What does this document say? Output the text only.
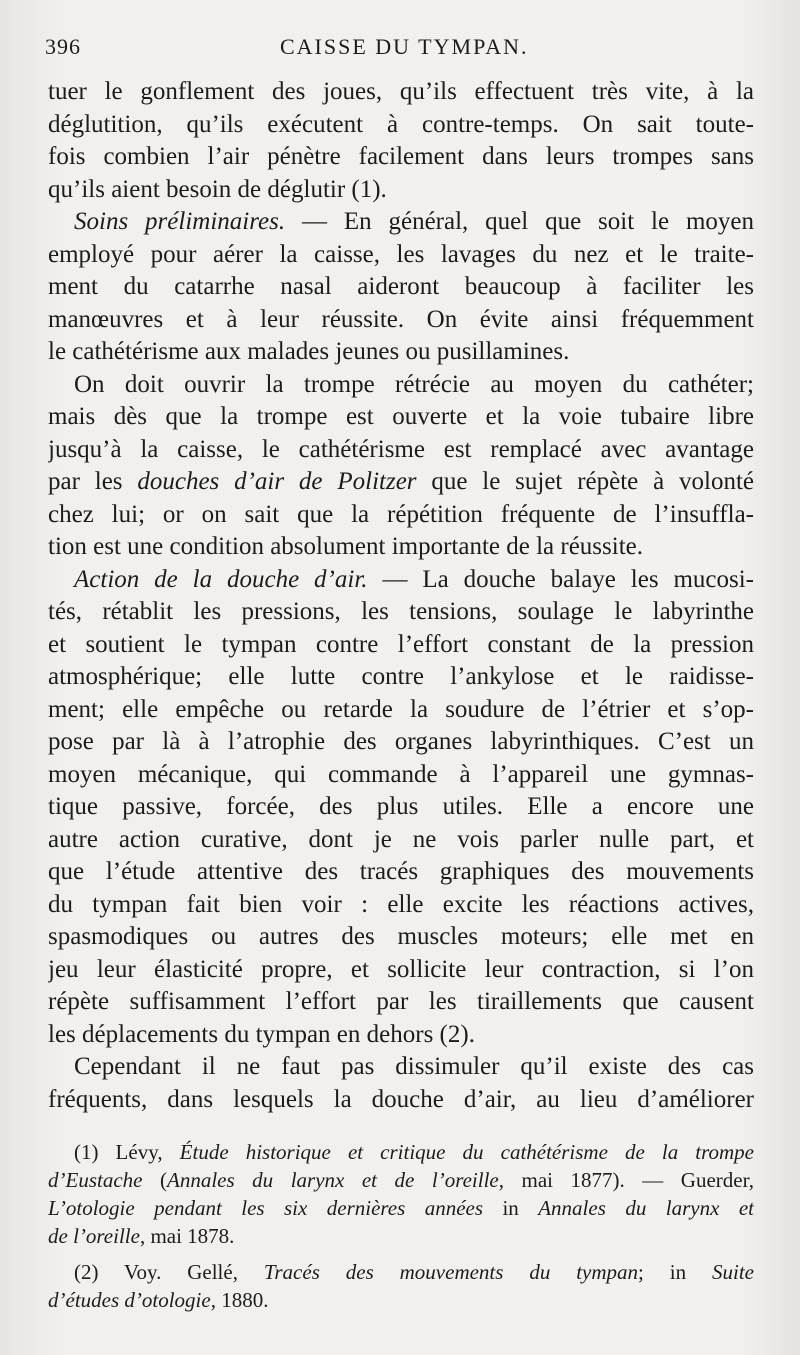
396	CAISSE DU TYMPAN.
tuer le gonflement des joues, qu’ils effectuent très vite, à la
déglutition, qu’ils exécutent à contre-temps. On sait toute-
fois combien l’air pénètre facilement dans leurs trompes sans
qu’ils aient besoin de déglutir (1).
Soins préliminaires. — En général, quel que soit le moyen
employé pour aérer la caisse, les lavages du nez et le traite-
ment du catarrhe nasal aideront beaucoup à faciliter les
manœuvres et à leur réussite. On évite ainsi fréquemment
le cathétérisme aux malades jeunes ou pusillamines.
On doit ouvrir la trompe rétrécie au moyen du cathéter;
mais dès que la trompe est ouverte et la voie tubaire libre
jusqu’à la caisse, le cathétérisme est remplacé avec avantage
par les douches d’air de Politzer que le sujet répète à volonté
chez lui; or on sait que la répétition fréquente de l’insuffla-
tion est une condition absolument importante de la réussite.
Action de la douche d’air. — La douche balaye les mucosi-
tés, rétablit les pressions, les tensions, soulage le labyrinthe
et soutient le tympan contre l’effort constant de la pression
atmosphérique; elle lutte contre l’ankylose et le raidisse-
ment; elle empêche ou retarde la soudure de l’étrier et s’op-
pose par là à l’atrophie des organes labyrinthiques. C’est un
moyen mécanique, qui commande à l’appareil une gymnas-
tique passive, forcée, des plus utiles. Elle a encore une
autre action curative, dont je ne vois parler nulle part, et
que l’étude attentive des tracés graphiques des mouvements
du tympan fait bien voir : elle excite les réactions actives,
spasmodiques ou autres des muscles moteurs; elle met en
jeu leur élasticité propre, et sollicite leur contraction, si l’on
répète suffisamment l’effort par les tiraillements que causent
les déplacements du tympan en dehors (2).
Cependant il ne faut pas dissimuler qu’il existe des cas
fréquents, dans lesquels la douche d’air, au lieu d’améliorer
(1) Lévy, Étude historique et critique du cathétérisme de la trompe
d’Eustache (Annales du larynx et de l’oreille, mai 1877). — Guerder,
L’otologie pendant les six dernières années in Annales du larynx et
de l’oreille, mai 1878.
(2) Voy. Gellé, Tracés des mouvements du tympan; in Suite
d’études d’otologie, 1880.
